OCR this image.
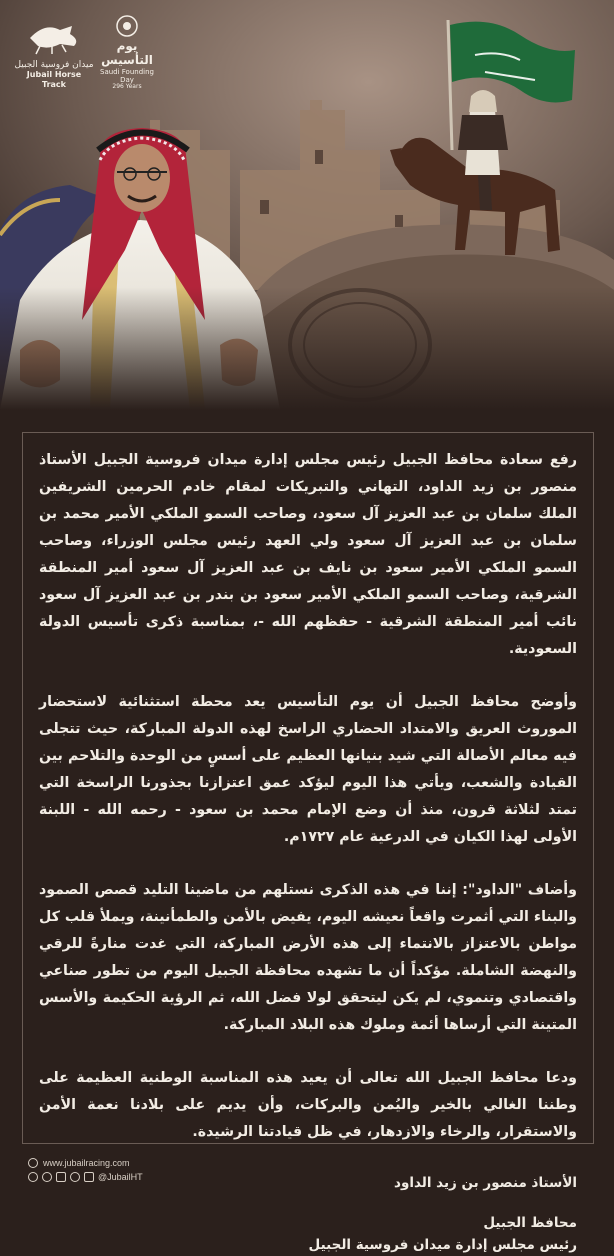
ميدان فروسية الجبيل
Jubail Horse Track
يوم التأسيس
Saudi Founding Day
296 Years

رفع سعادة محافظ الجبيل رئيس مجلس إدارة ميدان فروسية الجبيل الأستاذ منصور بن زيد الداود، التهاني والتبريكات لمقام خادم الحرمين الشريفين الملك سلمان بن عبد العزيز آل سعود، وصاحب السمو الملكي الأمير محمد بن سلمان بن عبد العزيز آل سعود ولي العهد رئيس مجلس الوزراء، وصاحب السمو الملكي الأمير سعود بن نايف بن عبد العزيز آل سعود أمير المنطقة الشرقية، وصاحب السمو الملكي الأمير سعود بن بندر بن عبد العزيز آل سعود نائب أمير المنطقة الشرقية - حفظهم الله -، بمناسبة ذكرى تأسيس الدولة السعودية.

وأوضح محافظ الجبيل أن يوم التأسيس يعد محطة استثنائية لاستحضار الموروث العريق والامتداد الحضاري الراسخ لهذه الدولة المباركة، حيث تتجلى فيه معالم الأصالة التي شيد بنيانها العظيم على أسسٍ من الوحدة والتلاحم بين القيادة والشعب، ويأتي هذا اليوم ليؤكد عمق اعتزازنا بجذورنا الراسخة التي تمتد لثلاثة قرون، منذ أن وضع الإمام محمد بن سعود - رحمه الله - اللبنة الأولى لهذا الكيان في الدرعية عام ١٧٢٧م.

وأضاف "الداود": إننا في هذه الذكرى نستلهم من ماضينا التليد قصص الصمود والبناء التي أثمرت واقعاً نعيشه اليوم، يفيض بالأمن والطمأنينة، ويملأ قلب كل مواطن بالاعتزاز بالانتماء إلى هذه الأرض المباركة، التي غدت منارةً للرقي والنهضة الشاملة. مؤكداً أن ما تشهده محافظة الجبيل اليوم من تطور صناعي واقتصادي وتنموي، لم يكن ليتحقق لولا فضل الله، ثم الرؤية الحكيمة والأسس المتينة التي أرساها أئمة وملوك هذه البلاد المباركة.

ودعا محافظ الجبيل الله تعالى أن يعيد هذه المناسبة الوطنية العظيمة على وطننا الغالي بالخير واليُمن والبركات، وأن يديم على بلادنا نعمة الأمن والاستقرار، والرخاء والازدهار، في ظل قيادتنا الرشيدة.

الأستاذ منصور بن زيد الداود
محافظ الجبيل
رئيس مجلس إدارة ميدان فروسية الجبيل
www.jubailracing.com
@JubailHT
